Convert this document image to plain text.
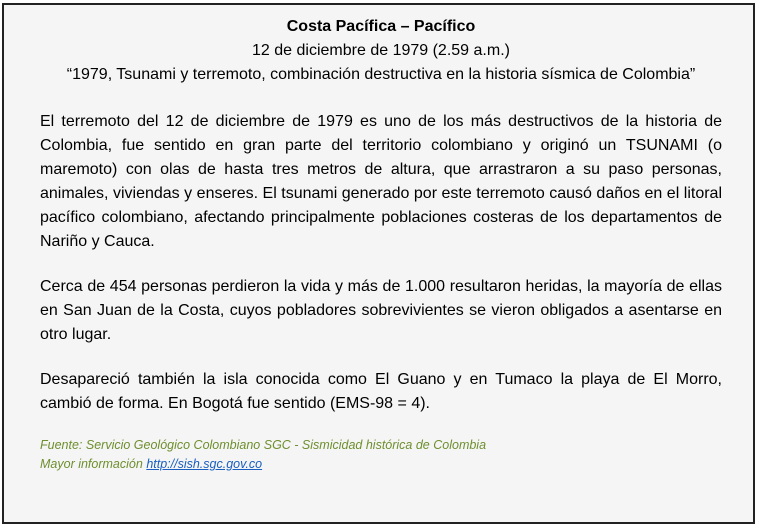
Costa Pacífica – Pacífico
12 de diciembre de 1979 (2.59 a.m.)
“1979, Tsunami y terremoto, combinación destructiva en la historia sísmica de Colombia”

El terremoto del 12 de diciembre de 1979 es uno de los más destructivos de la historia de Colombia, fue sentido en gran parte del territorio colombiano y originó un TSUNAMI (o maremoto) con olas de hasta tres metros de altura, que arrastraron a su paso personas, animales, viviendas y enseres. El tsunami generado por este terremoto causó daños en el litoral pacífico colombiano, afectando principalmente poblaciones costeras de los departamentos de Nariño y Cauca.

Cerca de 454 personas perdieron la vida y más de 1.000 resultaron heridas, la mayoría de ellas en San Juan de la Costa, cuyos pobladores sobrevivientes se vieron obligados a asentarse en otro lugar.

Desapareció también la isla conocida como El Guano y en Tumaco la playa de El Morro, cambió de forma. En Bogotá fue sentido (EMS-98 = 4).

Fuente: Servicio Geológico Colombiano SGC - Sismicidad histórica de Colombia
Mayor información http://sish.sgc.gov.co
